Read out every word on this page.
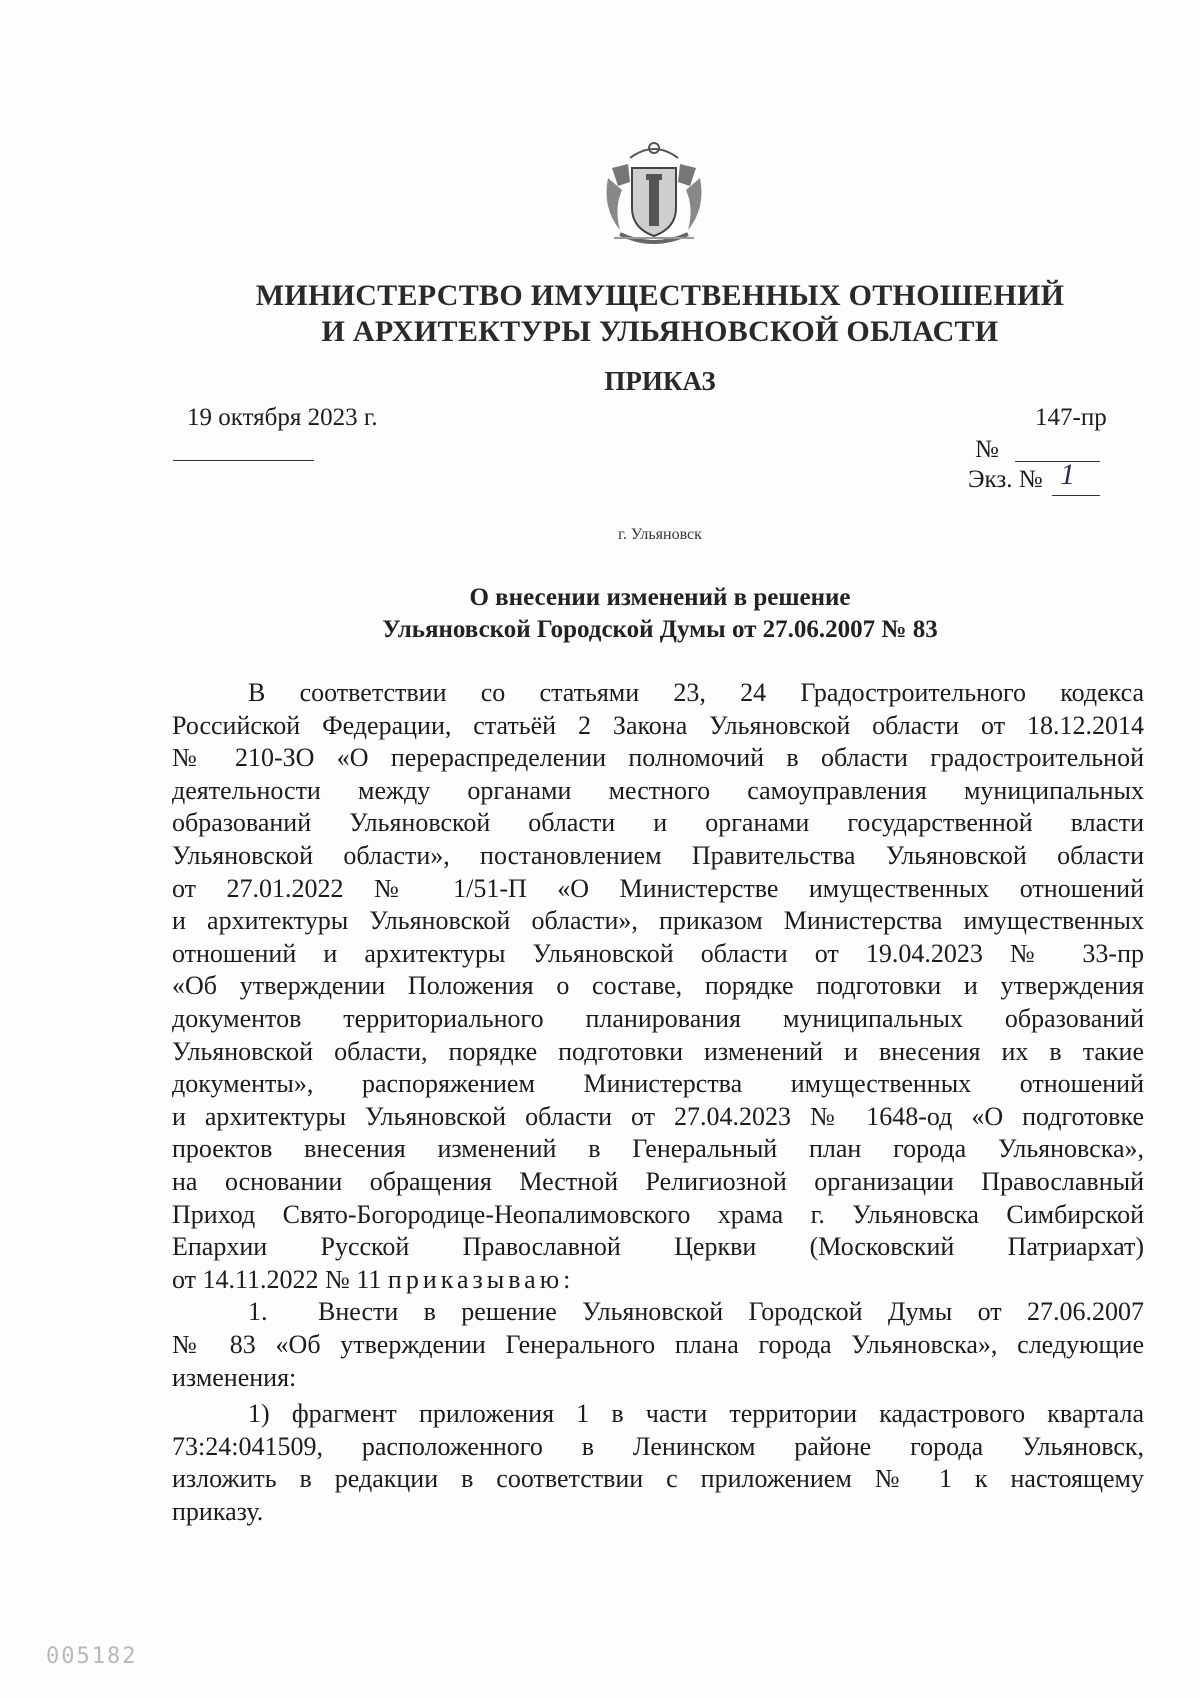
МИНИСТЕРСТВО ИМУЩЕСТВЕННЫХ ОТНОШЕНИЙ
И АРХИТЕКТУРЫ УЛЬЯНОВСКОЙ ОБЛАСТИ
ПРИКАЗ
19 октября 2023 г.	147-пр
№
Экз. № 1
г. Ульяновск
О внесении изменений в решение
Ульяновской Городской Думы от 27.06.2007 № 83
005182
В соответствии со статьями 23, 24 Градостроительного кодекса
Российской Федерации, статьёй 2 Закона Ульяновской области от 18.12.2014
№ 210-ЗО «О перераспределении полномочий в области градостроительной
деятельности между органами местного самоуправления муниципальных
образований Ульяновской области и органами государственной власти
Ульяновской области», постановлением Правительства Ульяновской области
от 27.01.2022 № 1/51-П «О Министерстве имущественных отношений
и архитектуры Ульяновской области», приказом Министерства имущественных
отношений и архитектуры Ульяновской области от 19.04.2023 № 33-пр
«Об утверждении Положения о составе, порядке подготовки и утверждения
документов территориального планирования муниципальных образований
Ульяновской области, порядке подготовки изменений и внесения их в такие
документы», распоряжением Министерства имущественных отношений
и архитектуры Ульяновской области от 27.04.2023 № 1648-од «О подготовке
проектов внесения изменений в Генеральный план города Ульяновска»,
на основании обращения Местной Религиозной организации Православный
Приход Свято-Богородице-Неопалимовского храма г. Ульяновска Симбирской
Епархии Русской Православной Церкви (Московский Патриархат)
от 14.11.2022 № 11 приказываю:
1.	Внести в решение Ульяновской Городской Думы от 27.06.2007
№ 83 «Об утверждении Генерального плана города Ульяновска», следующие
изменения:
1) фрагмент приложения 1 в части территории кадастрового квартала
73:24:041509, расположенного в Ленинском районе города Ульяновск,
изложить в редакции в соответствии с приложением № 1 к настоящему
приказу.
